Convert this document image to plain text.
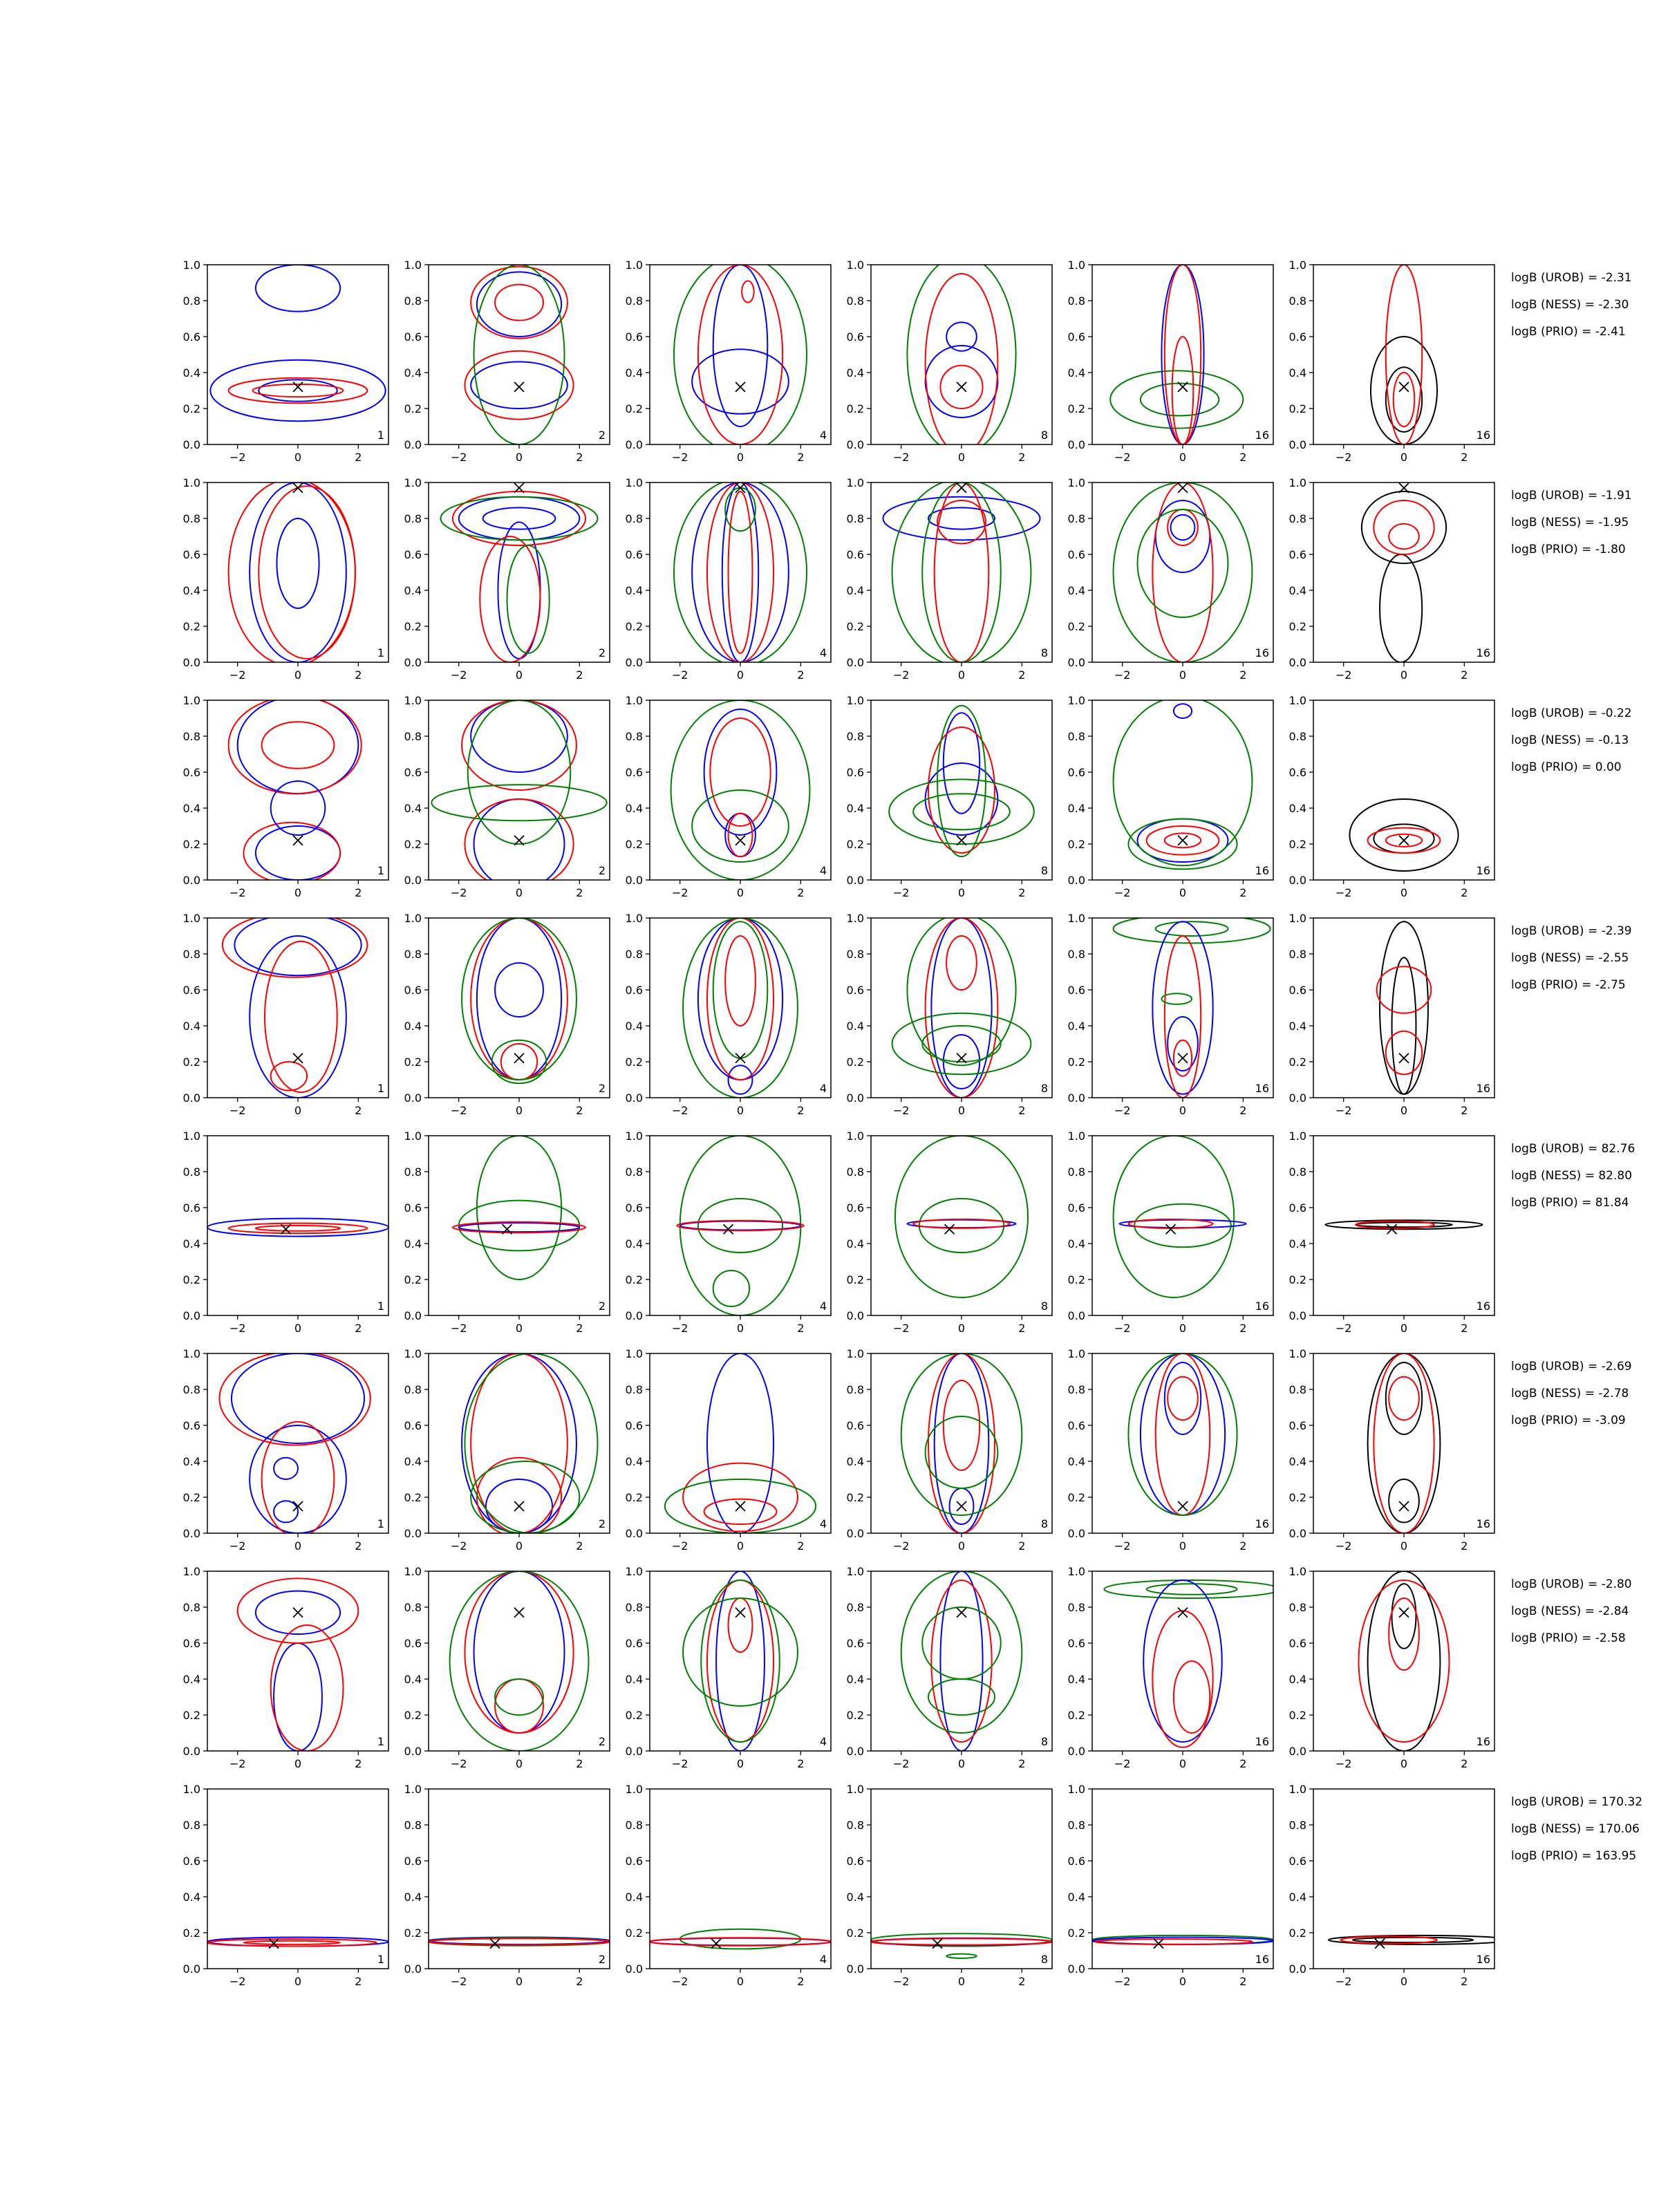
−2	0	2
0.0
0.2
0.4
0.6
0.8
1.0
1
−2	0	2
0.0
0.2
0.4
0.6
0.8
1.0
2
−2	0	2
0.0
0.2
0.4
0.6
0.8
1.0
4
−2	0	2
0.0
0.2
0.4
0.6
0.8
1.0
8
−2	0	2
0.0
0.2
0.4
0.6
0.8
1.0
16
−2	0	2
0.0
0.2
0.4
0.6
0.8
1.0
16
logB (UROB) = -2.31
logB (NESS) = -2.30
logB (PRIO) = -2.41
−2	0	2
0.0
0.2
0.4
0.6
0.8
1.0
1
−2	0	2
0.0
0.2
0.4
0.6
0.8
1.0
2
−2	0	2
0.0
0.2
0.4
0.6
0.8
1.0
4
−2	0	2
0.0
0.2
0.4
0.6
0.8
1.0
8
−2	0	2
0.0
0.2
0.4
0.6
0.8
1.0
16
−2	0	2
0.0
0.2
0.4
0.6
0.8
1.0
16
logB (UROB) = -1.91
logB (NESS) = -1.95
logB (PRIO) = -1.80
−2	0	2
0.0
0.2
0.4
0.6
0.8
1.0
1
−2	0	2
0.0
0.2
0.4
0.6
0.8
1.0
2
−2	0	2
0.0
0.2
0.4
0.6
0.8
1.0
4
−2	0	2
0.0
0.2
0.4
0.6
0.8
1.0
8
−2	0	2
0.0
0.2
0.4
0.6
0.8
1.0
16
−2	0	2
0.0
0.2
0.4
0.6
0.8
1.0
16
logB (UROB) = -0.22
logB (NESS) = -0.13
logB (PRIO) = 0.00
−2	0	2
0.0
0.2
0.4
0.6
0.8
1.0
1
−2	0	2
0.0
0.2
0.4
0.6
0.8
1.0
2
−2	0	2
0.0
0.2
0.4
0.6
0.8
1.0
4
−2	0	2
0.0
0.2
0.4
0.6
0.8
1.0
8
−2	0	2
0.0
0.2
0.4
0.6
0.8
1.0
16
−2	0	2
0.0
0.2
0.4
0.6
0.8
1.0
16
logB (UROB) = -2.39
logB (NESS) = -2.55
logB (PRIO) = -2.75
−2	0	2
0.0
0.2
0.4
0.6
0.8
1.0
1
−2	0	2
0.0
0.2
0.4
0.6
0.8
1.0
2
−2	0	2
0.0
0.2
0.4
0.6
0.8
1.0
4
−2	0	2
0.0
0.2
0.4
0.6
0.8
1.0
8
−2	0	2
0.0
0.2
0.4
0.6
0.8
1.0
16
−2	0	2
0.0
0.2
0.4
0.6
0.8
1.0
16
logB (UROB) = 82.76
logB (NESS) = 82.80
logB (PRIO) = 81.84
−2	0	2
0.0
0.2
0.4
0.6
0.8
1.0
1
−2	0	2
0.0
0.2
0.4
0.6
0.8
1.0
2
−2	0	2
0.0
0.2
0.4
0.6
0.8
1.0
4
−2	0	2
0.0
0.2
0.4
0.6
0.8
1.0
8
−2	0	2
0.0
0.2
0.4
0.6
0.8
1.0
16
−2	0	2
0.0
0.2
0.4
0.6
0.8
1.0
16
logB (UROB) = -2.69
logB (NESS) = -2.78
logB (PRIO) = -3.09
−2	0	2
0.0
0.2
0.4
0.6
0.8
1.0
1
−2	0	2
0.0
0.2
0.4
0.6
0.8
1.0
2
−2	0	2
0.0
0.2
0.4
0.6
0.8
1.0
4
−2	0	2
0.0
0.2
0.4
0.6
0.8
1.0
8
−2	0	2
0.0
0.2
0.4
0.6
0.8
1.0
16
−2	0	2
0.0
0.2
0.4
0.6
0.8
1.0
16
logB (UROB) = -2.80
logB (NESS) = -2.84
logB (PRIO) = -2.58
−2	0	2
0.0
0.2
0.4
0.6
0.8
1.0
1
−2	0	2
0.0
0.2
0.4
0.6
0.8
1.0
2
−2	0	2
0.0
0.2
0.4
0.6
0.8
1.0
4
−2	0	2
0.0
0.2
0.4
0.6
0.8
1.0
8
−2	0	2
0.0
0.2
0.4
0.6
0.8
1.0
16
−2	0	2
0.0
0.2
0.4
0.6
0.8
1.0
16
logB (UROB) = 170.32
logB (NESS) = 170.06
logB (PRIO) = 163.95
